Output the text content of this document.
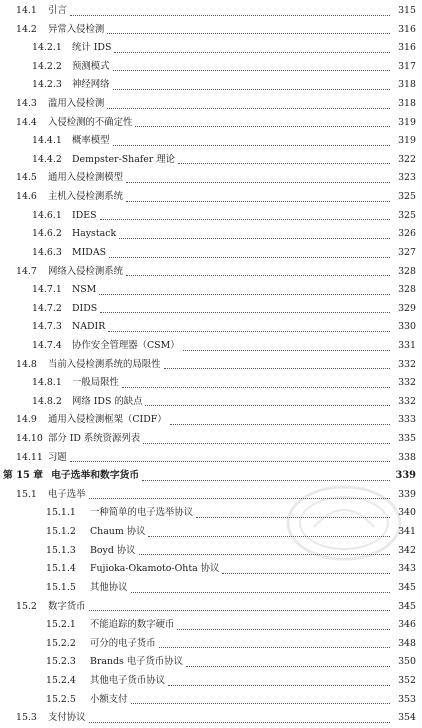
14.1	引言	315
14.2	异常入侵检测	316
14.2.1	统计 IDS	316
14.2.2	预测模式	317
14.2.3	神经网络	318
14.3	滥用入侵检测	318
14.4	入侵检测的不确定性	319
14.4.1	概率模型	319
14.4.2	Dempster-Shafer 理论	322
14.5	通用入侵检测模型	323
14.6	主机入侵检测系统	325
14.6.1	IDES	325
14.6.2	Haystack	326
14.6.3	MIDAS	327
14.7	网络入侵检测系统	328
14.7.1	NSM	328
14.7.2	DIDS	329
14.7.3	NADIR	330
14.7.4	协作安全管理器（CSM）	331
14.8	当前入侵检测系统的局限性	332
14.8.1	一般局限性	332
14.8.2	网络 IDS 的缺点	332
14.9	通用入侵检测框架（CIDF）	333
14.10 部分 ID 系统资源列表	335
14.11 习题	338
第 15 章 电子选举和数字货币	339
15.1	电子选举	339
15.1.1	一种简单的电子选举协议	340
15.1.2	Chaum 协议	341
15.1.3	Boyd 协议	342
15.1.4	Fujioka-Okamoto-Ohta 协议	343
15.1.5	其他协议	345
15.2	数字货币	345
15.2.1	不能追踪的数字硬币	346
15.2.2	可分的电子货币	348
15.2.3	Brands 电子货币协议	350
15.2.4	其他电子货币协议	352
15.2.5	小额支付	353
15.3	支付协议	354
